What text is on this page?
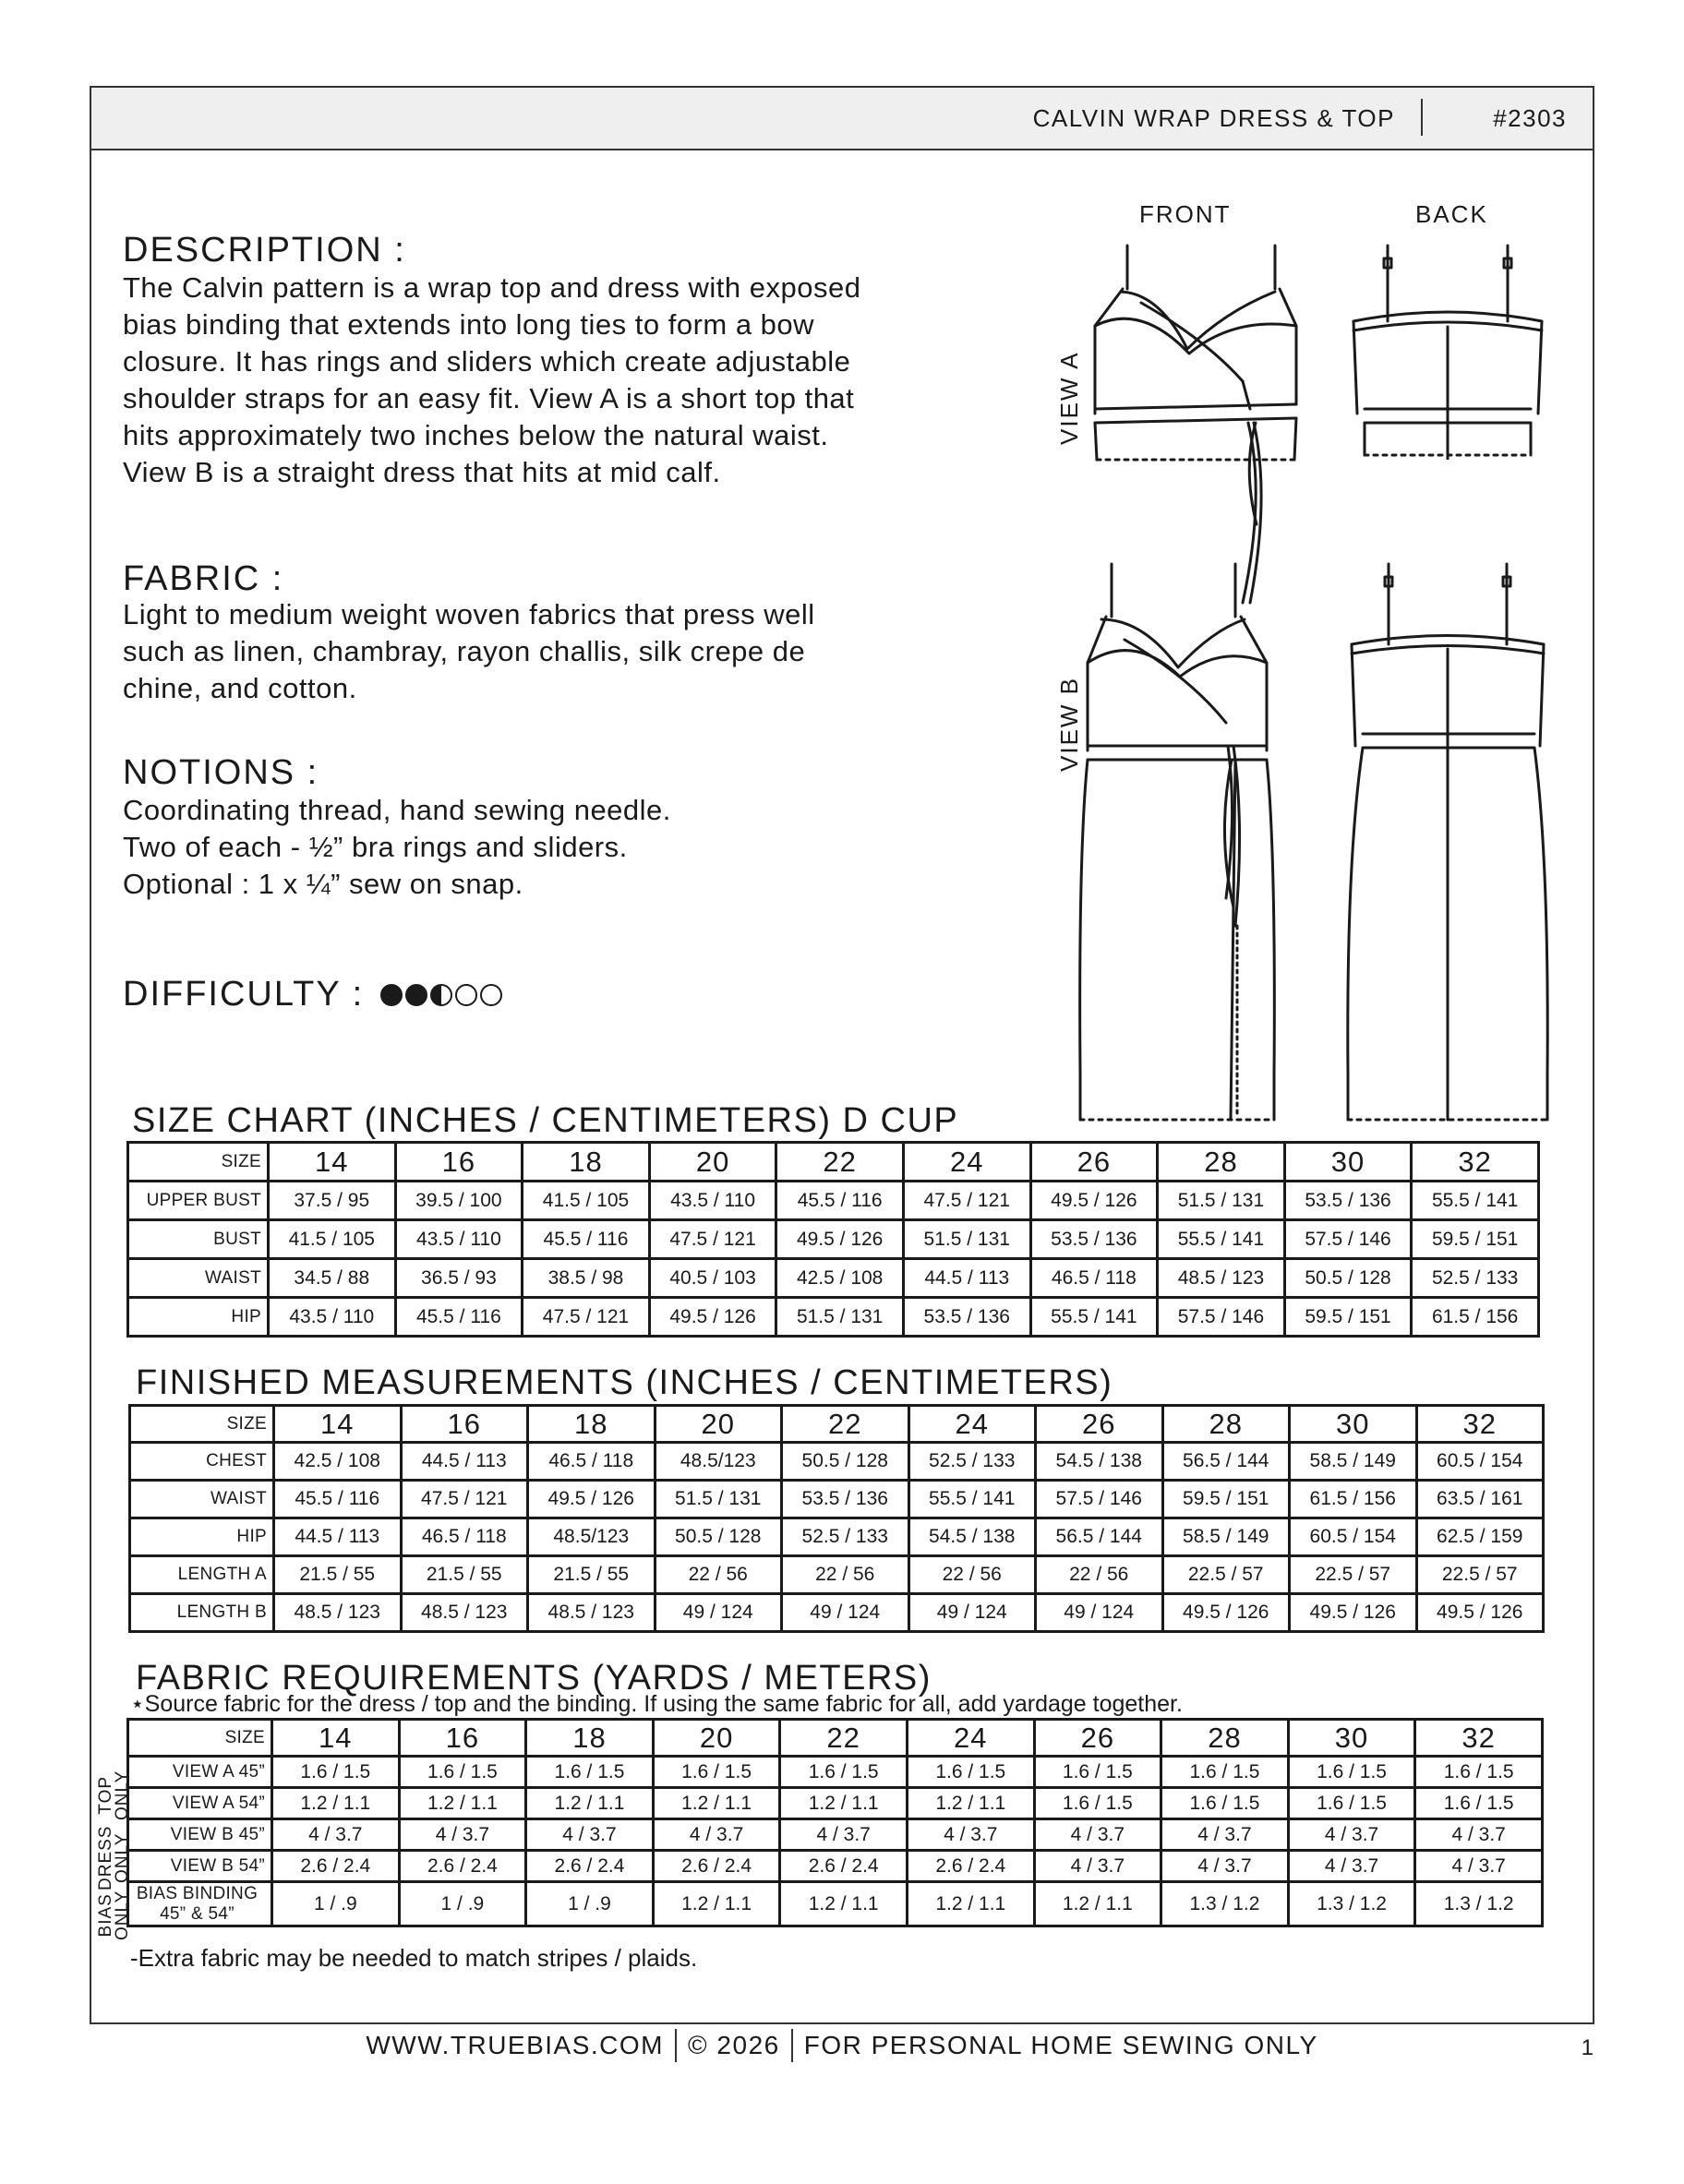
CALVIN WRAP DRESS & TOP	#2303
DESCRIPTION :
The Calvin pattern is a wrap top and dress with exposed
bias binding that extends into long ties to form a bow
closure. It has rings and sliders which create adjustable
shoulder straps for an easy fit. View A is a short top that
hits approximately two inches below the natural waist.
View B is a straight dress that hits at mid calf.
FABRIC :
Light to medium weight woven fabrics that press well
such as linen, chambray, rayon challis, silk crepe de
chine, and cotton.
NOTIONS :
Coordinating thread, hand sewing needle.
Two of each - ½” bra rings and sliders.
Optional : 1 x ¼” sew on snap.
DIFFICULTY :
FRONT	BACK
VIEW A
VIEW B
SIZE CHART (INCHES / CENTIMETERS) D CUP
SIZE	14	16	18	20	22	24	26	28	30	32
UPPER BUST	37.5 / 95	39.5 / 100	41.5 / 105	43.5 / 110	45.5 / 116	47.5 / 121	49.5 / 126	51.5 / 131	53.5 / 136	55.5 / 141
BUST	41.5 / 105	43.5 / 110	45.5 / 116	47.5 / 121	49.5 / 126	51.5 / 131	53.5 / 136	55.5 / 141	57.5 / 146	59.5 / 151
WAIST	34.5 / 88	36.5 / 93	38.5 / 98	40.5 / 103	42.5 / 108	44.5 / 113	46.5 / 118	48.5 / 123	50.5 / 128	52.5 / 133
HIP	43.5 / 110	45.5 / 116	47.5 / 121	49.5 / 126	51.5 / 131	53.5 / 136	55.5 / 141	57.5 / 146	59.5 / 151	61.5 / 156
FINISHED MEASUREMENTS (INCHES / CENTIMETERS)
SIZE	14	16	18	20	22	24	26	28	30	32
CHEST	42.5 / 108	44.5 / 113	46.5 / 118	48.5/123	50.5 / 128	52.5 / 133	54.5 / 138	56.5 / 144	58.5 / 149	60.5 / 154
WAIST	45.5 / 116	47.5 / 121	49.5 / 126	51.5 / 131	53.5 / 136	55.5 / 141	57.5 / 146	59.5 / 151	61.5 / 156	63.5 / 161
HIP	44.5 / 113	46.5 / 118	48.5/123	50.5 / 128	52.5 / 133	54.5 / 138	56.5 / 144	58.5 / 149	60.5 / 154	62.5 / 159
LENGTH A	21.5 / 55	21.5 / 55	21.5 / 55	22 / 56	22 / 56	22 / 56	22 / 56	22.5 / 57	22.5 / 57	22.5 / 57
LENGTH B	48.5 / 123	48.5 / 123	48.5 / 123	49 / 124	49 / 124	49 / 124	49 / 124	49.5 / 126	49.5 / 126	49.5 / 126
FABRIC REQUIREMENTS (YARDS / METERS)
⋆Source fabric for the dress / top and the binding. If using the same fabric for all, add yardage together.
SIZE	14	16	18	20	22	24	26	28	30	32
VIEW A 45”	1.6 / 1.5	1.6 / 1.5	1.6 / 1.5	1.6 / 1.5	1.6 / 1.5	1.6 / 1.5	1.6 / 1.5	1.6 / 1.5	1.6 / 1.5	1.6 / 1.5
VIEW A 54”	1.2 / 1.1	1.2 / 1.1	1.2 / 1.1	1.2 / 1.1	1.2 / 1.1	1.2 / 1.1	1.6 / 1.5	1.6 / 1.5	1.6 / 1.5	1.6 / 1.5
VIEW B 45”	4 / 3.7	4 / 3.7	4 / 3.7	4 / 3.7	4 / 3.7	4 / 3.7	4 / 3.7	4 / 3.7	4 / 3.7	4 / 3.7
VIEW B 54”	2.6 / 2.4	2.6 / 2.4	2.6 / 2.4	2.6 / 2.4	2.6 / 2.4	2.6 / 2.4	4 / 3.7	4 / 3.7	4 / 3.7	4 / 3.7
BIAS BINDING
45” & 54”	1 / .9	1 / .9	1 / .9	1.2 / 1.1	1.2 / 1.1	1.2 / 1.1	1.2 / 1.1	1.3 / 1.2	1.3 / 1.2	1.3 / 1.2
TOP
ONLY
DRESS
ONLY
BIAS
ONLY
-Extra fabric may be needed to match stripes / plaids.
WWW.TRUEBIAS.COM © 2026 FOR PERSONAL HOME SEWING ONLY	1
